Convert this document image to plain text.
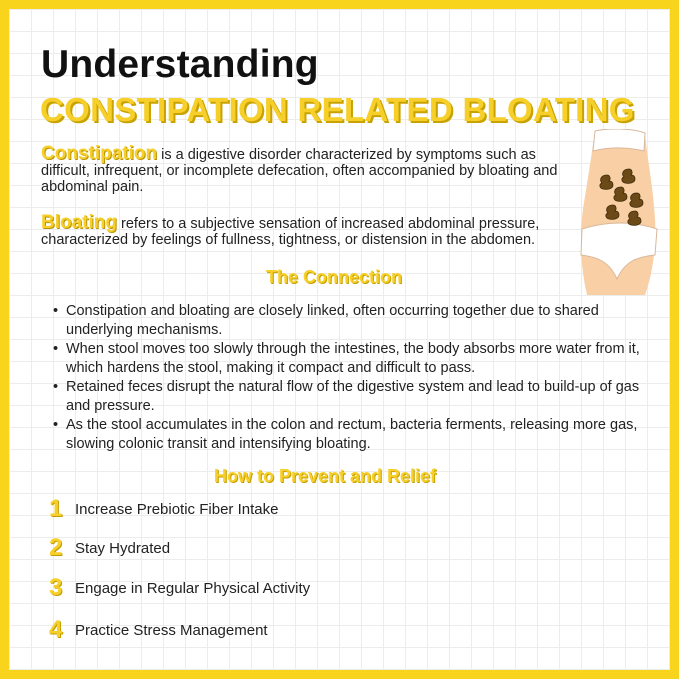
Understanding
CONSTIPATION RELATED BLOATING
Constipation is a digestive disorder characterized by symptoms such as difficult, infrequent, or incomplete defecation, often accompanied by bloating and abdominal pain.
Bloating refers to a subjective sensation of increased abdominal pressure, characterized by feelings of fullness, tightness, or distension in the abdomen.
The Connection
• Constipation and bloating are closely linked, often occurring together due to shared underlying mechanisms.
• When stool moves too slowly through the intestines, the body absorbs more water from it, which hardens the stool, making it compact and difficult to pass.
• Retained feces disrupt the natural flow of the digestive system and lead to build-up of gas and pressure.
• As the stool accumulates in the colon and rectum, bacteria ferments, releasing more gas, slowing colonic transit and intensifying bloating.
How to Prevent and Relief
1 Increase Prebiotic Fiber Intake
2 Stay Hydrated
3 Engage in Regular Physical Activity
4 Practice Stress Management
